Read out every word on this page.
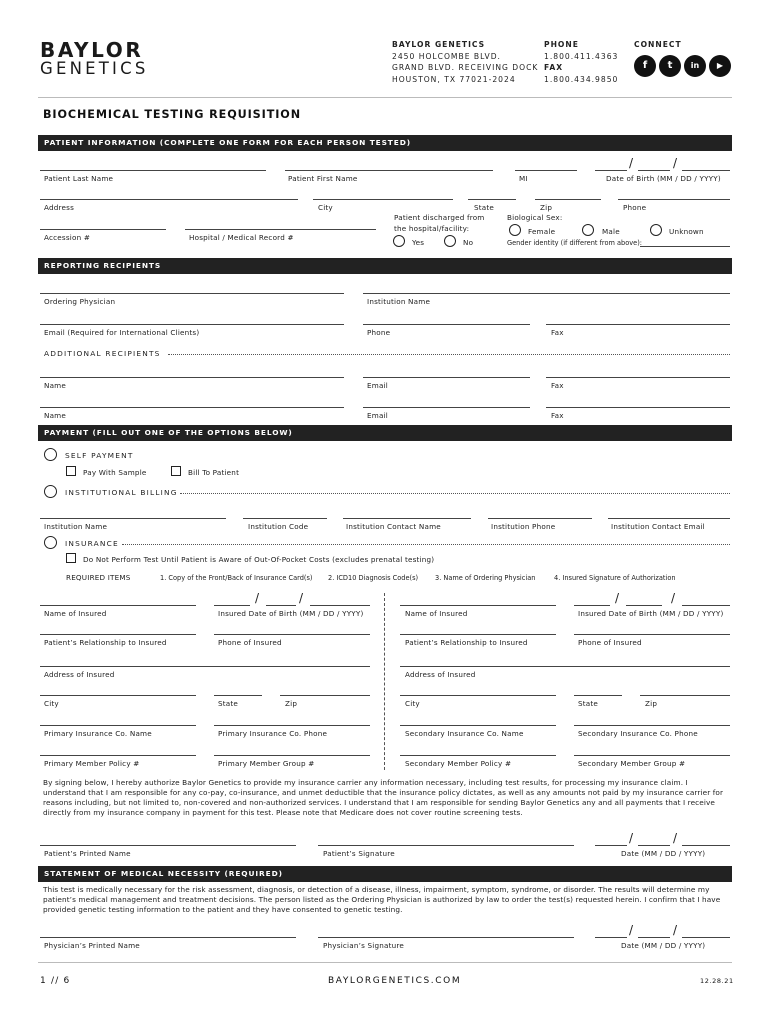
BAYLOR
GENETICS
BAYLOR GENETICS
2450 HOLCOMBE BLVD.
GRAND BLVD. RECEIVING DOCK
HOUSTON, TX 77021-2024
PHONE
1.800.411.4363
FAX
1.800.434.9850
CONNECT
f	t	in	▶
BIOCHEMICAL TESTING REQUISITION
PATIENT INFORMATION (COMPLETE ONE FORM FOR EACH PERSON TESTED)
/	/
Patient Last Name	Patient First Name	MI	Date of Birth (MM / DD / YYYY)
Address	City	State	Zip	Phone
Patient discharged from
the hospital/facility:
Biological Sex:
Accession #	Hospital / Medical Record #
Female	Male	Unknown
Yes	No	Gender identity (if different from above):
REPORTING RECIPIENTS
Ordering Physician	Institution Name
Email (Required for International Clients)	Phone	Fax
ADDITIONAL RECIPIENTS
Name	Email	Fax
Name	Email	Fax
PAYMENT (FILL OUT ONE OF THE OPTIONS BELOW)
SELF PAYMENT
Pay With Sample	Bill To Patient
INSTITUTIONAL BILLING
Institution Name	Institution Code	Institution Contact Name	Institution Phone	Institution Contact Email
INSURANCE
Do Not Perform Test Until Patient is Aware of Out-Of-Pocket Costs (excludes prenatal testing)
REQUIRED ITEMS	1. Copy of the Front/Back of Insurance Card(s) 2. ICD10 Diagnosis Code(s)	3. Name of Ordering Physician	4. Insured Signature of Authorization
/	/
Name of Insured	Insured Date of Birth (MM / DD / YYYY)
Patient’s Relationship to Insured	Phone of Insured
Address of Insured
City	State	Zip
Primary Insurance Co. Name	Primary Insurance Co. Phone
Primary Member Policy #	Primary Member Group #
/	/
Name of Insured	Insured Date of Birth (MM / DD / YYYY)
Patient’s Relationship to Insured	Phone of Insured
Address of Insured
City	State	Zip
Secondary Insurance Co. Name	Secondary Insurance Co. Phone
Secondary Member Policy #	Secondary Member Group #
By signing below, I hereby authorize Baylor Genetics to provide my insurance carrier any information necessary, including test results, for processing my insurance claim. I understand that I am responsible for any co-pay, co-insurance, and unmet deductible that the insurance policy dictates, as well as any amounts not paid by my insurance carrier for reasons including, but not limited to, non-covered and non-authorized services. I understand that I am responsible for sending Baylor Genetics any and all payments that I receive directly from my insurance company in payment for this test. Please note that Medicare does not cover routine screening tests.
/	/
Patient’s Printed Name	Patient’s Signature	Date (MM / DD / YYYY)
STATEMENT OF MEDICAL NECESSITY (REQUIRED)
This test is medically necessary for the risk assessment, diagnosis, or detection of a disease, illness, impairment, symptom, syndrome, or disorder. The results will determine my patient’s medical management and treatment decisions. The person listed as the Ordering Physician is authorized by law to order the test(s) requested herein. I confirm that I have provided genetic testing information to the patient and they have consented to genetic testing.
/	/
Physician’s Printed Name	Physician’s Signature	Date (MM / DD / YYYY)
1 // 6	BAYLORGENETICS.COM	12.28.21
